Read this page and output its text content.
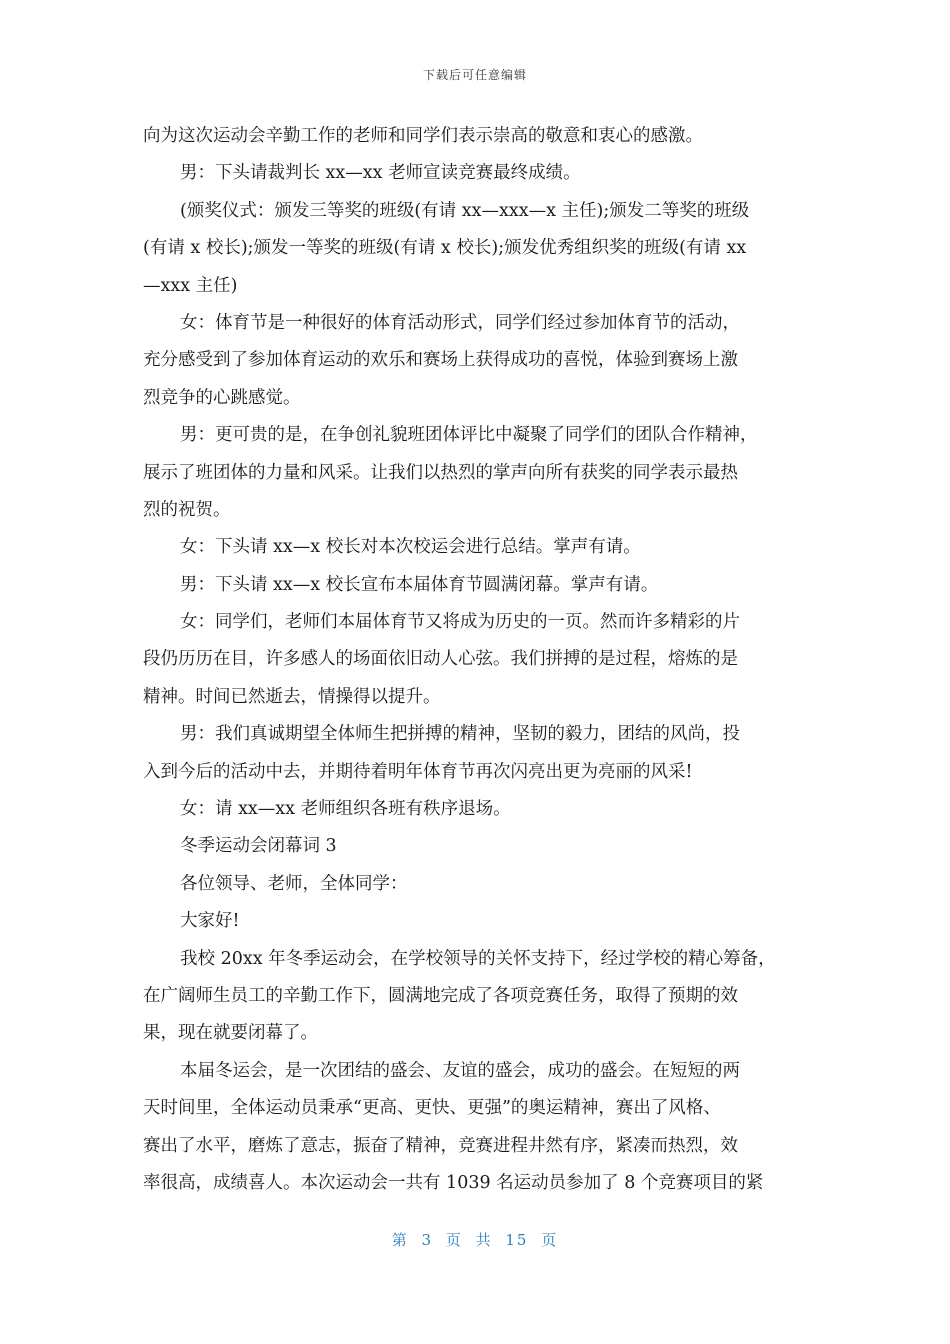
下载后可任意编辑
向为这次运动会辛勤工作的老师和同学们表示崇高的敬意和衷心的感激。
男：下头请裁判长 xx—xx 老师宣读竞赛最终成绩。
(颁奖仪式：颁发三等奖的班级(有请 xx—xxx—x 主任);颁发二等奖的班级
(有请 x 校长);颁发一等奖的班级(有请 x 校长);颁发优秀组织奖的班级(有请 xx
—xxx 主任)
女：体育节是一种很好的体育活动形式，同学们经过参加体育节的活动，
充分感受到了参加体育运动的欢乐和赛场上获得成功的喜悦，体验到赛场上激
烈竞争的心跳感觉。
男：更可贵的是，在争创礼貌班团体评比中凝聚了同学们的团队合作精神，
展示了班团体的力量和风采。让我们以热烈的掌声向所有获奖的同学表示最热
烈的祝贺。
女：下头请 xx—x 校长对本次校运会进行总结。掌声有请。
男：下头请 xx—x 校长宣布本届体育节圆满闭幕。掌声有请。
女：同学们，老师们本届体育节又将成为历史的一页。然而许多精彩的片
段仍历历在目，许多感人的场面依旧动人心弦。我们拼搏的是过程，熔炼的是
精神。时间已然逝去，情操得以提升。
男：我们真诚期望全体师生把拼搏的精神，坚韧的毅力，团结的风尚，投
入到今后的活动中去，并期待着明年体育节再次闪亮出更为亮丽的风采!
女：请 xx—xx 老师组织各班有秩序退场。
冬季运动会闭幕词 3
各位领导、老师，全体同学：
大家好!
我校 20xx 年冬季运动会，在学校领导的关怀支持下，经过学校的精心筹备，
在广阔师生员工的辛勤工作下，圆满地完成了各项竞赛任务，取得了预期的效
果，现在就要闭幕了。
本届冬运会，是一次团结的盛会、友谊的盛会，成功的盛会。在短短的两
天时间里，全体运动员秉承“更高、更快、更强”的奥运精神，赛出了风格、
赛出了水平，磨炼了意志，振奋了精神，竞赛进程井然有序，紧凑而热烈，效
率很高，成绩喜人。本次运动会一共有 1039 名运动员参加了 8 个竞赛项目的紧
第 3 页 共 15 页
